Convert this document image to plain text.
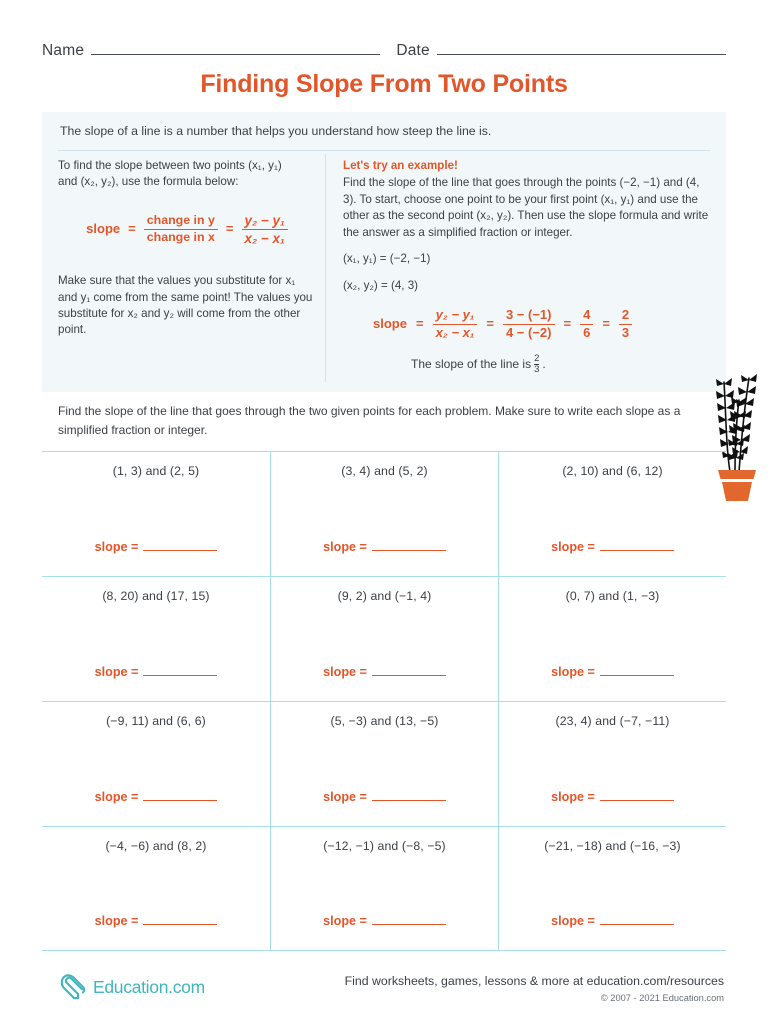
Name	Date
Finding Slope From Two Points
The slope of a line is a number that helps you understand how steep the line is.
To find the slope between two points (x₁, y₁)
and (x₂, y₂), use the formula below:
slope = $\frac{\text{change in y}}{\text{change in x}} = \frac{\text{y₂ − y₁}}{\text{x₂ − x₁}}$
Make sure that the values you substitute for x₁ and y₁ come from the same point! The values you substitute for x₂ and y₂ will come from the other point.
Let's try an example!
Find the slope of the line that goes through the points (−2, −1) and (4, 3). To start, choose one point to be your first point (x₁, y₁) and use the other as the second point (x₂, y₂). Then use the slope formula and write the answer as a simplified fraction or integer.
(x₁, y₁) = (−2, −1)
(x₂, y₂) = (4, 3)
slope = $\frac{\text{y₂ − y₁}}{\text{x₂ − x₁}} = \frac{3 - (-1)}{4 - (-2)} = \frac{4}{6} = \frac{2}{3}$
The slope of the line is $\frac{2}{3}$ .
Find the slope of the line that goes through the two given points for each problem. Make sure to write each slope as a simplified fraction or integer.
(1, 3) and (2, 5)
slope =
(3, 4) and (5, 2)
slope =
(2, 10) and (6, 12)
slope =
(8, 20) and (17, 15)
slope =
(9, 2) and (−1, 4)
slope =
(0, 7) and (1, −3)
slope =
(−9, 11) and (6, 6)
slope =
(5, −3) and (13, −5)
slope =
(23, 4) and (−7, −11)
slope =
(−4, −6) and (8, 2)
slope =
(−12, −1) and (−8, −5)
slope =
(−21, −18) and (−16, −3)
slope =
Education.com	Find worksheets, games, lessons & more at education.com/resources
© 2007 - 2021 Education.com
